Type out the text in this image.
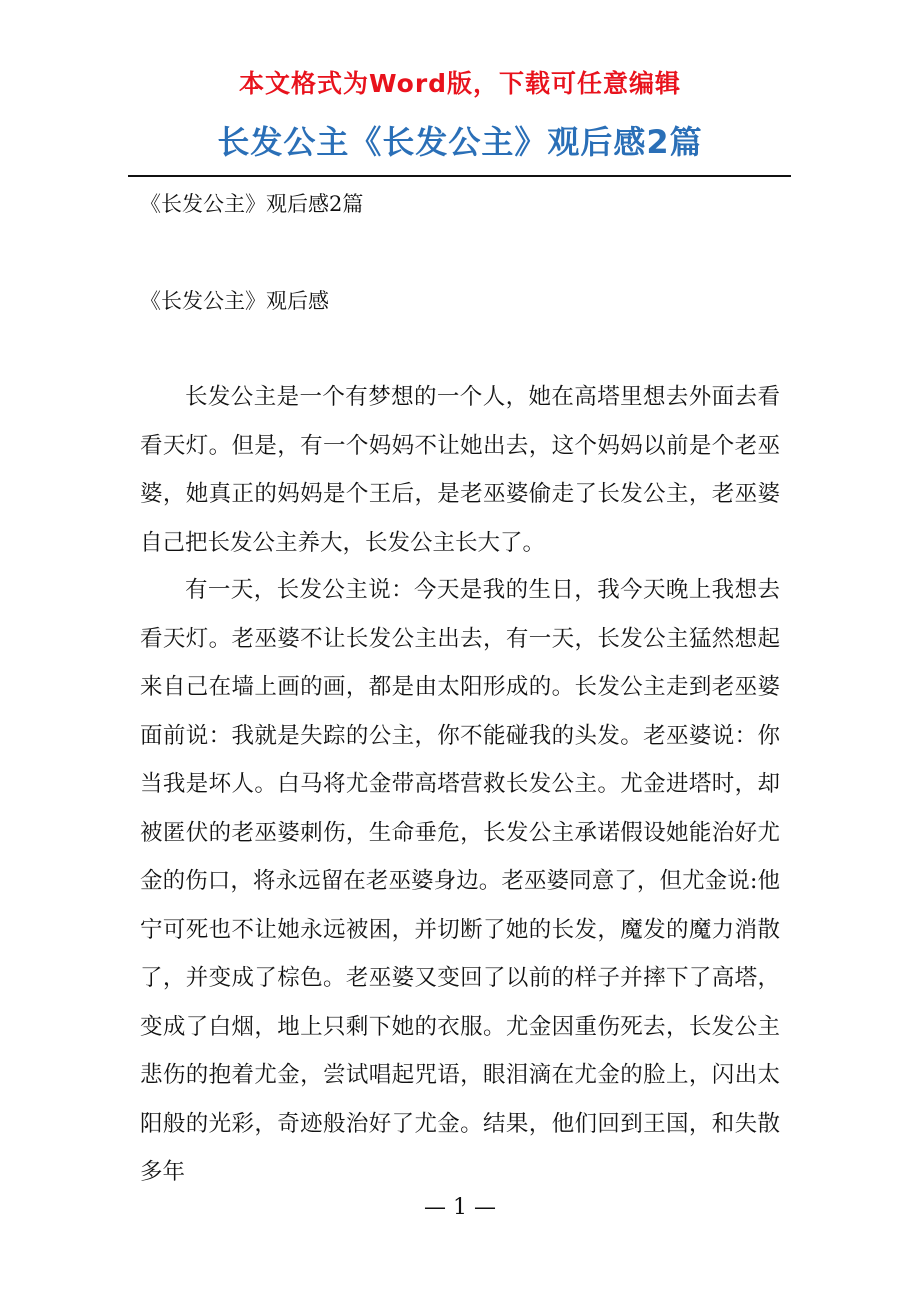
本文格式为Word版，下载可任意编辑
长发公主《长发公主》观后感2篇
《长发公主》观后感2篇
《长发公主》观后感

长发公主是一个有梦想的一个人，她在高塔里想去外面去看看天灯。但是，有一个妈妈不让她出去，这个妈妈以前是个老巫婆，她真正的妈妈是个王后，是老巫婆偷走了长发公主，老巫婆自己把长发公主养大，长发公主长大了。

有一天，长发公主说：今天是我的生日，我今天晚上我想去看天灯。老巫婆不让长发公主出去，有一天，长发公主猛然想起来自己在墙上画的画，都是由太阳形成的。长发公主走到老巫婆面前说：我就是失踪的公主，你不能碰我的头发。老巫婆说：你当我是坏人。白马将尤金带高塔营救长发公主。尤金进塔时，却被匿伏的老巫婆刺伤，生命垂危，长发公主承诺假设她能治好尤金的伤口，将永远留在老巫婆身边。老巫婆同意了，但尤金说:他宁可死也不让她永远被困，并切断了她的长发，魔发的魔力消散了，并变成了棕色。老巫婆又变回了以前的样子并摔下了高塔，变成了白烟，地上只剩下她的衣服。尤金因重伤死去，长发公主悲伤的抱着尤金，尝试唱起咒语，眼泪滴在尤金的脸上，闪出太阳般的光彩，奇迹般治好了尤金。结果，他们回到王国，和失散多年

— 1 —
